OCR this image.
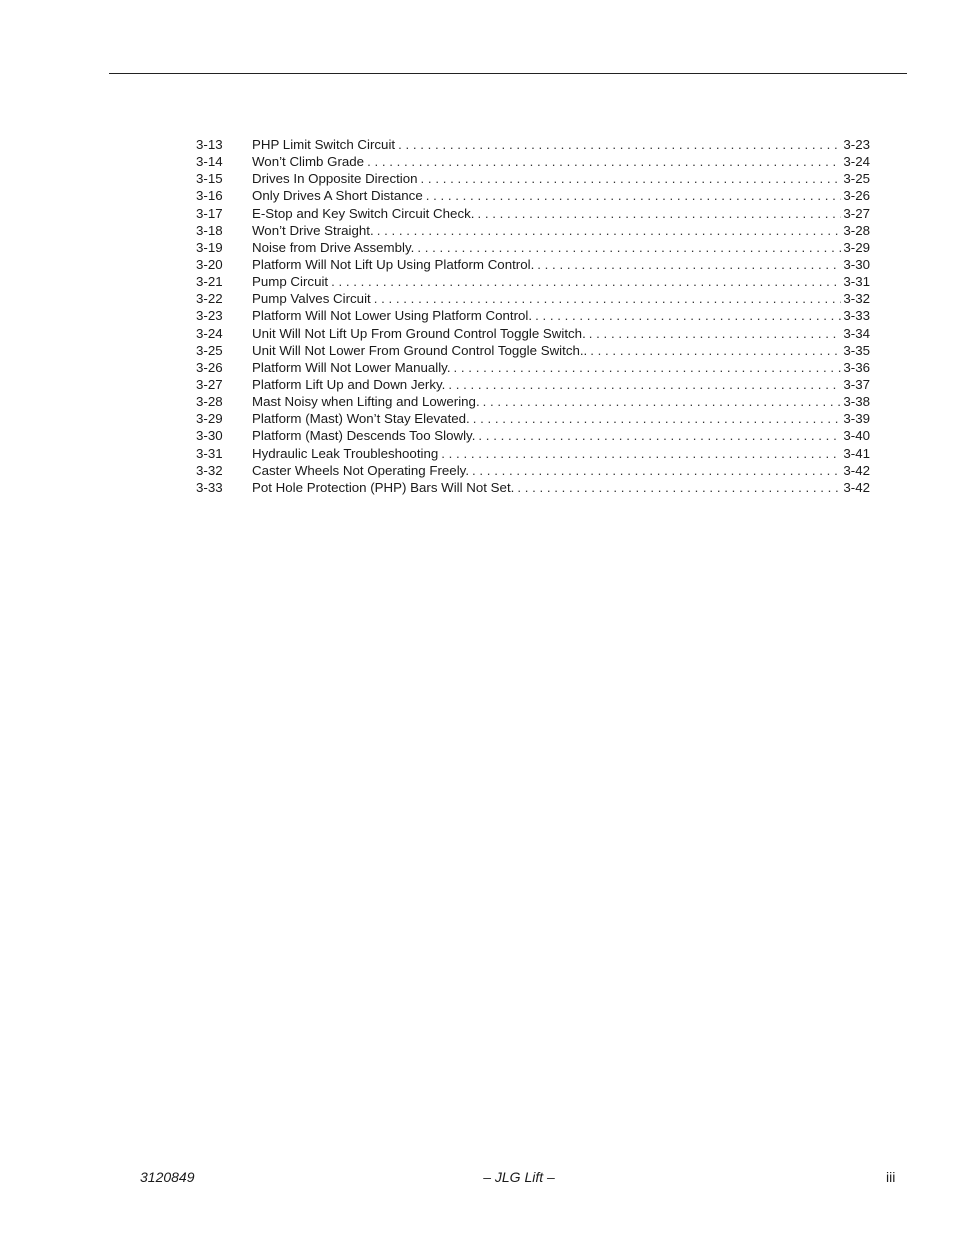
3-13	PHP Limit Switch Circuit . . .	3-23
3-14	Won’t Climb Grade . . .	3-24
3-15	Drives In Opposite Direction . . .	3-25
3-16	Only Drives A Short Distance . . .	3-26
3-17	E-Stop and Key Switch Circuit Check. . . .	3-27
3-18	Won’t Drive Straight. . . .	3-28
3-19	Noise from Drive Assembly. . . .	3-29
3-20	Platform Will Not Lift Up Using Platform Control. . . .	3-30
3-21	Pump Circuit . . .	3-31
3-22	Pump Valves Circuit . . .	3-32
3-23	Platform Will Not Lower Using Platform Control. . . .	3-33
3-24	Unit Will Not Lift Up From Ground Control Toggle Switch. . . .	3-34
3-25	Unit Will Not Lower From Ground Control Toggle Switch.. . . .	3-35
3-26	Platform Will Not Lower Manually. . . .	3-36
3-27	Platform Lift Up and Down Jerky. . . .	3-37
3-28	Mast Noisy when Lifting and Lowering. . . .	3-38
3-29	Platform (Mast) Won’t Stay Elevated. . . .	3-39
3-30	Platform (Mast) Descends Too Slowly. . . .	3-40
3-31	Hydraulic Leak Troubleshooting . . .	3-41
3-32	Caster Wheels Not Operating Freely. . . .	3-42
3-33	Pot Hole Protection (PHP) Bars Will Not Set. . . .	3-42
3120849	– JLG Lift –	iii
